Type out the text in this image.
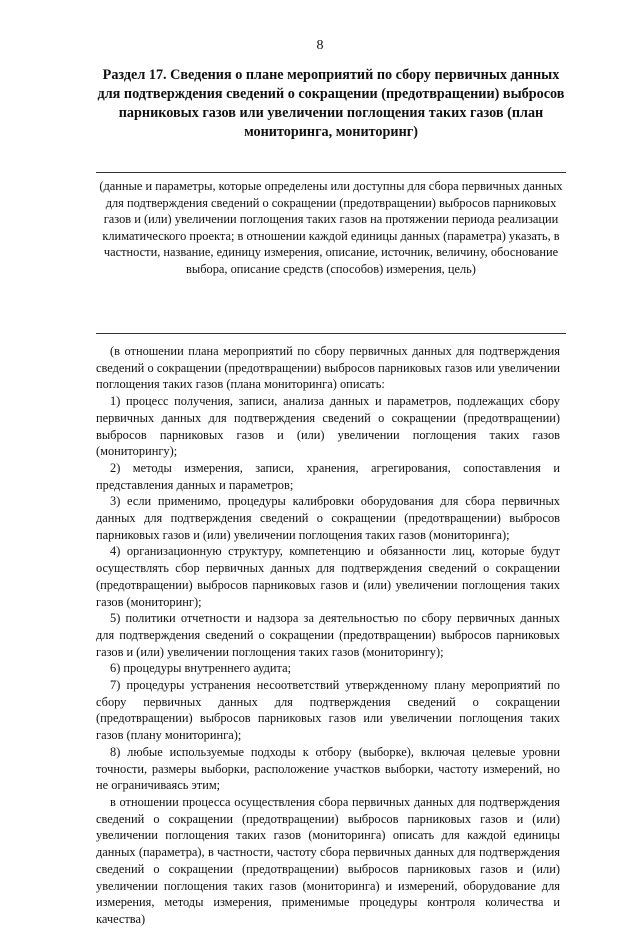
8
Раздел 17. Сведения о плане мероприятий по сбору первичных данных для подтверждения сведений о сокращении (предотвращении) выбросов парниковых газов или увеличении поглощения таких газов (план мониторинга, мониторинг)
(данные и параметры, которые определены или доступны для сбора первичных данных для подтверждения сведений о сокращении (предотвращении) выбросов парниковых газов и (или) увеличении поглощения таких газов на протяжении периода реализации климатического проекта; в отношении каждой единицы данных (параметра) указать, в частности, название, единицу измерения, описание, источник, величину, обоснование выбора, описание средств (способов) измерения, цель)

(в отношении плана мероприятий по сбору первичных данных для подтверждения сведений о сокращении (предотвращении) выбросов парниковых газов или увеличении поглощения таких газов (плана мониторинга) описать:

1) процесс получения, записи, анализа данных и параметров, подлежащих сбору первичных данных для подтверждения сведений о сокращении (предотвращении) выбросов парниковых газов и (или) увеличении поглощения таких газов (мониторингу);

2) методы измерения, записи, хранения, агрегирования, сопоставления и представления данных и параметров;

3) если применимо, процедуры калибровки оборудования для сбора первичных данных для подтверждения сведений о сокращении (предотвращении) выбросов парниковых газов и (или) увеличении поглощения таких газов (мониторинга);

4) организационную структуру, компетенцию и обязанности лиц, которые будут осуществлять сбор первичных данных для подтверждения сведений о сокращении (предотвращении) выбросов парниковых газов и (или) увеличении поглощения таких газов (мониторинг);

5) политики отчетности и надзора за деятельностью по сбору первичных данных для подтверждения сведений о сокращении (предотвращении) выбросов парниковых газов и (или) увеличении поглощения таких газов (мониторингу);

6) процедуры внутреннего аудита;

7) процедуры устранения несоответствий утвержденному плану мероприятий по сбору первичных данных для подтверждения сведений о сокращении (предотвращении) выбросов парниковых газов или увеличении поглощения таких газов (плану мониторинга);

8) любые используемые подходы к отбору (выборке), включая целевые уровни точности, размеры выборки, расположение участков выборки, частоту измерений, но не ограничиваясь этим;

в отношении процесса осуществления сбора первичных данных для подтверждения сведений о сокращении (предотвращении) выбросов парниковых газов и (или) увеличении поглощения таких газов (мониторинга) описать для каждой единицы данных (параметра), в частности, частоту сбора первичных данных для подтверждения сведений о сокращении (предотвращении) выбросов парниковых газов и (или) увеличении поглощения таких газов (мониторинга) и измерений, оборудование для измерения, методы измерения, применимые процедуры контроля количества и качества)
